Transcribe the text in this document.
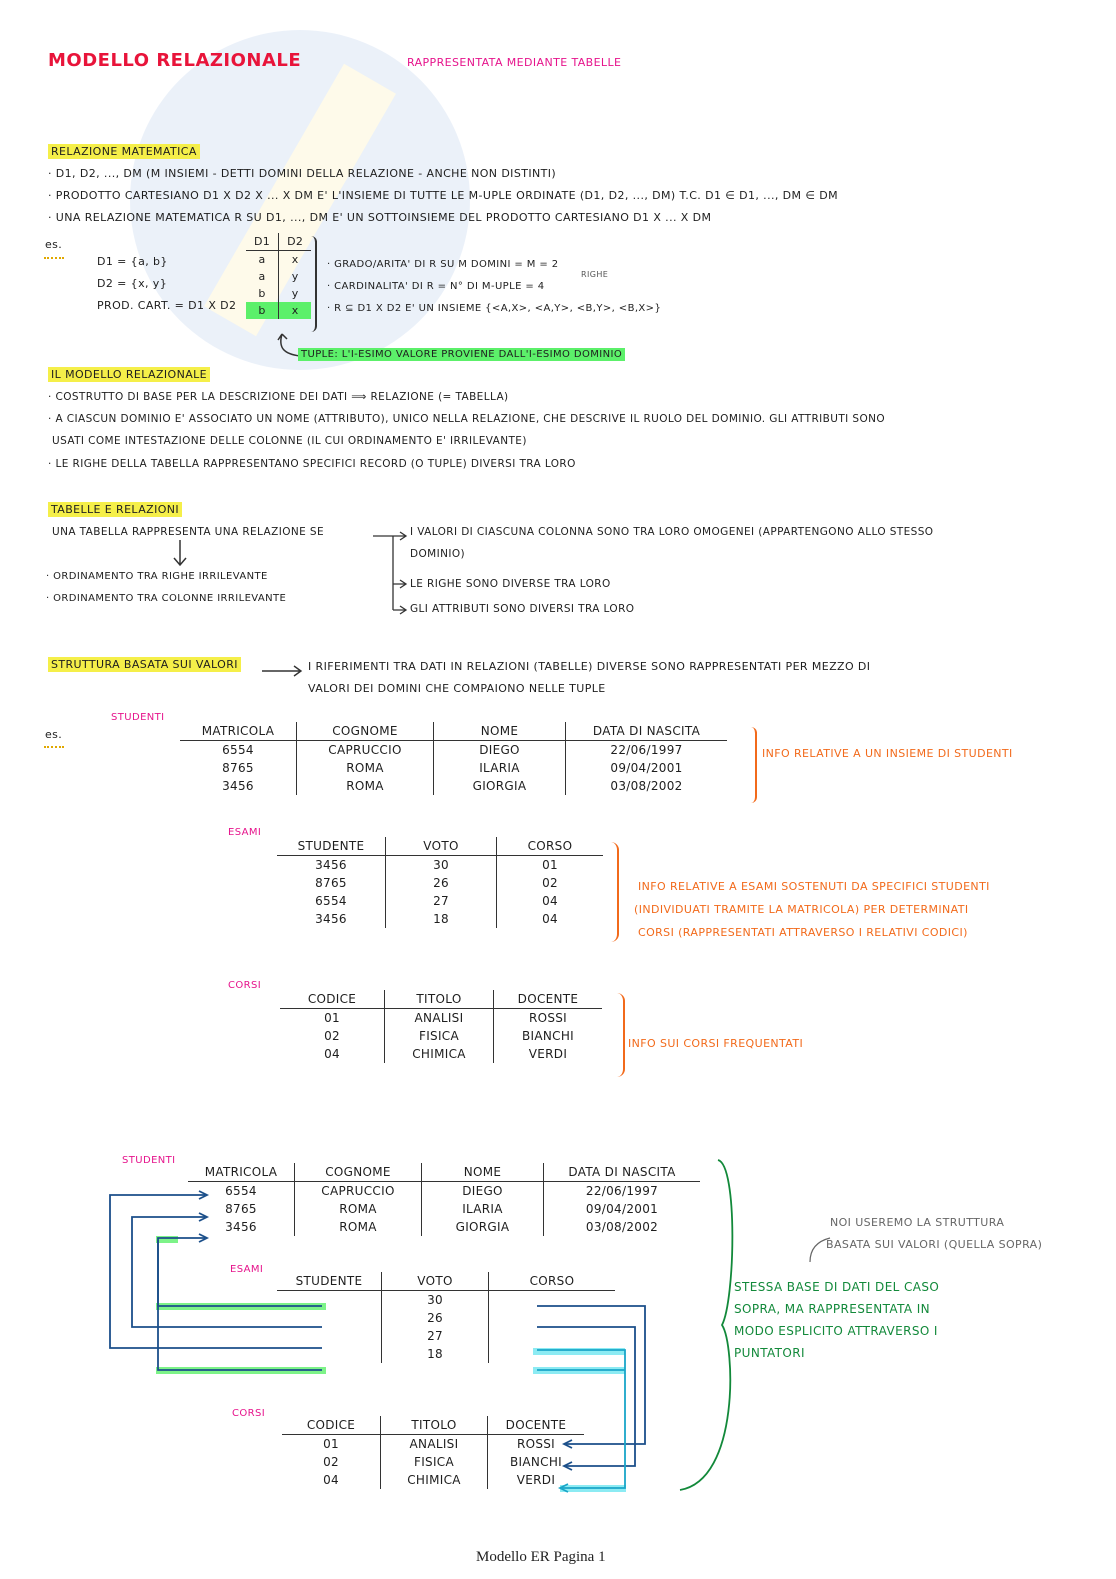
MODELLO RELAZIONALE	RAPPRESENTATA MEDIANTE TABELLE
RELAZIONE MATEMATICA
· D1, D2, ..., DM (M INSIEMI - DETTI DOMINI DELLA RELAZIONE - ANCHE NON DISTINTI)
· PRODOTTO CARTESIANO D1 X D2 X ... X DM E' L'INSIEME DI TUTTE LE M-UPLE ORDINATE (D1, D2, ..., DM) T.C. D1 ∈ D1, ..., DM ∈ DM
· UNA RELAZIONE MATEMATICA R SU D1, ..., DM E' UN SOTTOINSIEME DEL PRODOTTO CARTESIANO D1 X ... X DM
es.
D1 = {a, b}
D2 = {x, y}
PROD. CART. = D1 X D2
D1	D2
a	x
a	y
b	y
b	x
· GRADO/ARITA' DI R SU M DOMINI = M = 2
RIGHE
· CARDINALITA' DI R = N° DI M-UPLE = 4
· R ⊆ D1 X D2 E' UN INSIEME {<A,X>, <A,Y>, <B,Y>, <B,X>}
TUPLE: L'I-ESIMO VALORE PROVIENE DALL'I-ESIMO DOMINIO
IL MODELLO RELAZIONALE
· COSTRUTTO DI BASE PER LA DESCRIZIONE DEI DATI ⟹ RELAZIONE (= TABELLA)
· A CIASCUN DOMINIO E' ASSOCIATO UN NOME (ATTRIBUTO), UNICO NELLA RELAZIONE, CHE DESCRIVE IL RUOLO DEL DOMINIO. GLI ATTRIBUTI SONO
USATI COME INTESTAZIONE DELLE COLONNE (IL CUI ORDINAMENTO E' IRRILEVANTE)
· LE RIGHE DELLA TABELLA RAPPRESENTANO SPECIFICI RECORD (O TUPLE) DIVERSI TRA LORO
TABELLE E RELAZIONI
UNA TABELLA RAPPRESENTA UNA RELAZIONE SE
· ORDINAMENTO TRA RIGHE IRRILEVANTE
· ORDINAMENTO TRA COLONNE IRRILEVANTE
I VALORI DI CIASCUNA COLONNA SONO TRA LORO OMOGENEI (APPARTENGONO ALLO STESSO
DOMINIO)
LE RIGHE SONO DIVERSE TRA LORO
GLI ATTRIBUTI SONO DIVERSI TRA LORO
STRUTTURA BASATA SUI VALORI	I RIFERIMENTI TRA DATI IN RELAZIONI (TABELLE) DIVERSE SONO RAPPRESENTATI PER MEZZO DI
VALORI DEI DOMINI CHE COMPAIONO NELLE TUPLE
es.
STUDENTI
MATRICOLA	COGNOME	NOME	DATA DI NASCITA
6554	CAPRUCCIO	DIEGO	22/06/1997
8765	ROMA	ILARIA	09/04/2001
3456	ROMA	GIORGIA	03/08/2002
INFO RELATIVE A UN INSIEME DI STUDENTI
ESAMI
STUDENTE	VOTO	CORSO
3456	30	01
8765	26	02
6554	27	04
3456	18	04
INFO RELATIVE A ESAMI SOSTENUTI DA SPECIFICI STUDENTI
(INDIVIDUATI TRAMITE LA MATRICOLA) PER DETERMINATI
CORSI (RAPPRESENTATI ATTRAVERSO I RELATIVI CODICI)
CORSI
CODICE	TITOLO	DOCENTE
01	ANALISI	ROSSI
02	FISICA	BIANCHI
04	CHIMICA	VERDI
INFO SUI CORSI FREQUENTATI
STUDENTI
MATRICOLA	COGNOME	NOME	DATA DI NASCITA
6554	CAPRUCCIO	DIEGO	22/06/1997
8765	ROMA	ILARIA	09/04/2001
3456	ROMA	GIORGIA	03/08/2002
ESAMI
STUDENTE	VOTO	CORSO
	30	
	26	
	27	
	18	
CORSI
CODICE	TITOLO	DOCENTE
01	ANALISI	ROSSI
02	FISICA	BIANCHI
04	CHIMICA	VERDI
NOI USEREMO LA STRUTTURA
BASATA SUI VALORI (QUELLA SOPRA)
STESSA BASE DI DATI DEL CASO
SOPRA, MA RAPPRESENTATA IN
MODO ESPLICITO ATTRAVERSO I
PUNTATORI
Modello ER Pagina 1
